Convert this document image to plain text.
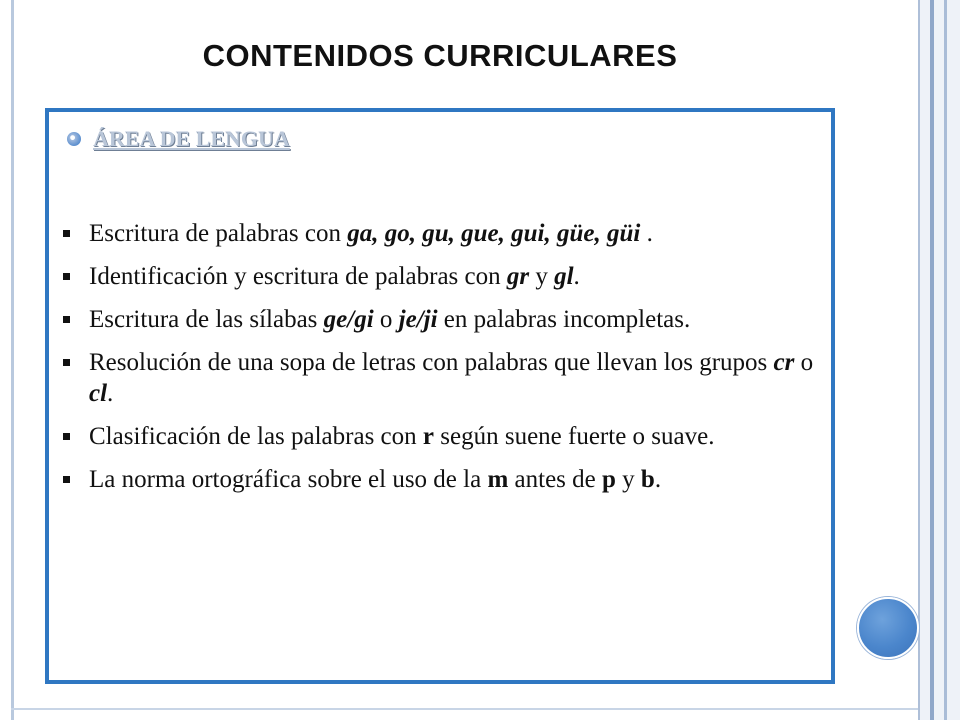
CONTENIDOS CURRICULARES
ÁREA DE LENGUA
Escritura de palabras con ga, go, gu, gue, gui, güe, güi .
Identificación y escritura de palabras con gr y gl.
Escritura de las sílabas ge/gi o je/ji en palabras incompletas.
Resolución de una sopa de letras con palabras que llevan los grupos cr o cl.
Clasificación de las palabras con r según suene fuerte o suave.
La norma ortográfica sobre el uso de la m antes de p y b.
